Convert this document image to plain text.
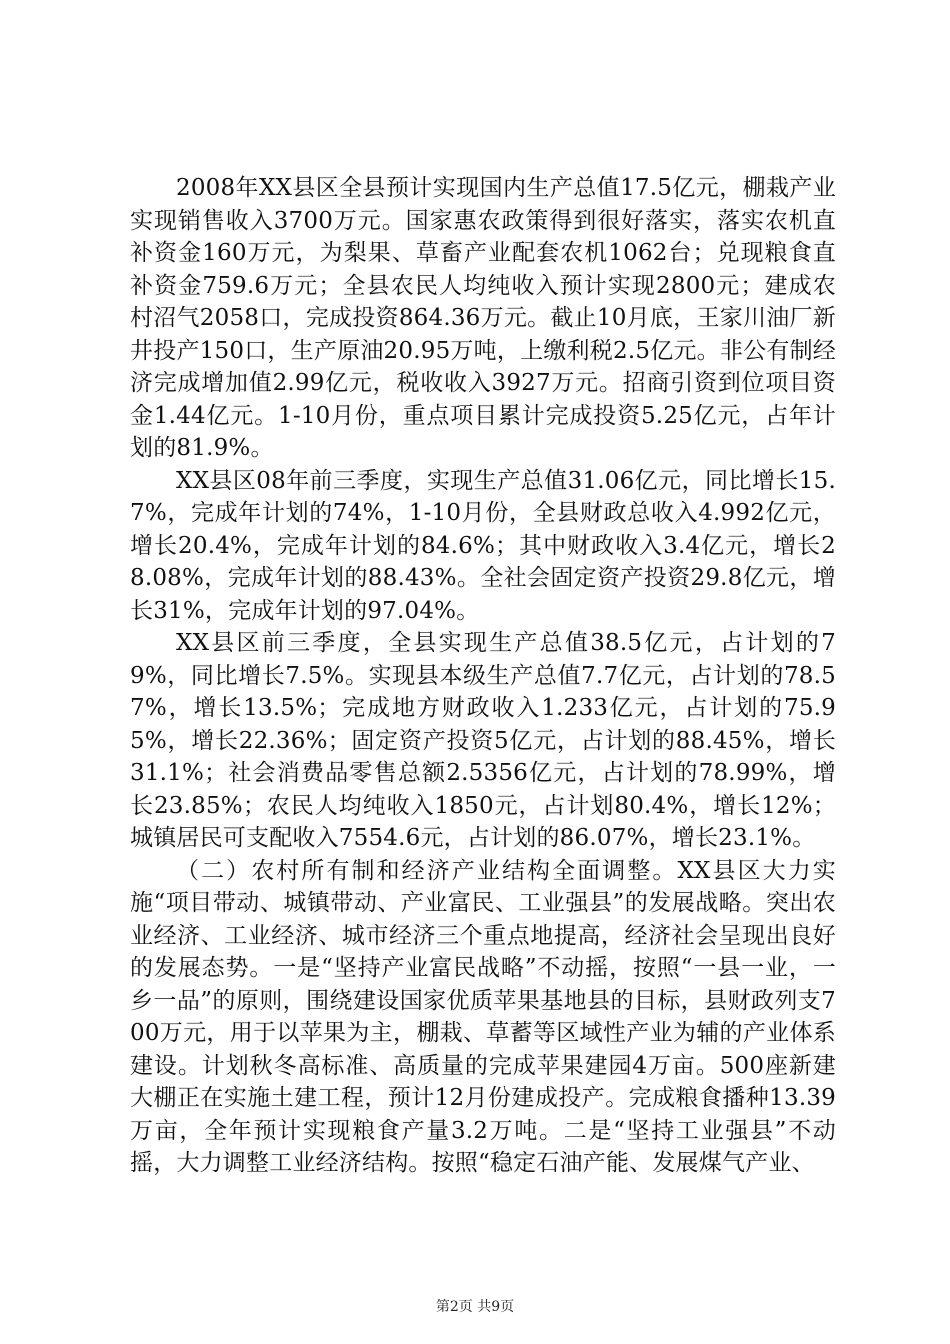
2008年XX县区全县预计实现国内生产总值17.5亿元，棚栽产业实现销售收入3700万元。国家惠农政策得到很好落实，落实农机直补资金160万元，为梨果、草畜产业配套农机1062台；兑现粮食直补资金759.6万元；全县农民人均纯收入预计实现2800元；建成农村沼气2058口，完成投资864.36万元。截止10月底，王家川油厂新井投产150口，生产原油20.95万吨，上缴利税2.5亿元。非公有制经济完成增加值2.99亿元，税收收入3927万元。招商引资到位项目资金1.44亿元。1-10月份，重点项目累计完成投资5.25亿元，占年计划的81.9%。

XX县区08年前三季度，实现生产总值31.06亿元，同比增长15.7%，完成年计划的74%，1-10月份，全县财政总收入4.992亿元，增长20.4%，完成年计划的84.6%；其中财政收入3.4亿元，增长28.08%，完成年计划的88.43%。全社会固定资产投资29.8亿元，增长31%，完成年计划的97.04%。

XX县区前三季度，全县实现生产总值38.5亿元，占计划的79%，同比增长7.5%。实现县本级生产总值7.7亿元，占计划的78.57%，增长13.5%；完成地方财政收入1.233亿元，占计划的75.95%，增长22.36%；固定资产投资5亿元，占计划的88.45%，增长31.1%；社会消费品零售总额2.5356亿元，占计划的78.99%，增长23.85%；农民人均纯收入1850元，占计划80.4%，增长12%；城镇居民可支配收入7554.6元，占计划的86.07%，增长23.1%。

（二）农村所有制和经济产业结构全面调整。XX县区大力实施“项目带动、城镇带动、产业富民、工业强县”的发展战略。突出农业经济、工业经济、城市经济三个重点地提高，经济社会呈现出良好的发展态势。一是“坚持产业富民战略”不动摇，按照“一县一业，一乡一品”的原则，围绕建设国家优质苹果基地县的目标，县财政列支700万元，用于以苹果为主，棚栽、草蓄等区域性产业为辅的产业体系建设。计划秋冬高标准、高质量的完成苹果建园4万亩。500座新建大棚正在实施土建工程，预计12月份建成投产。完成粮食播种13.39万亩，全年预计实现粮食产量3.2万吨。二是“坚持工业强县”不动摇，大力调整工业经济结构。按照“稳定石油产能、发展煤气产业、

第2页 共9页
